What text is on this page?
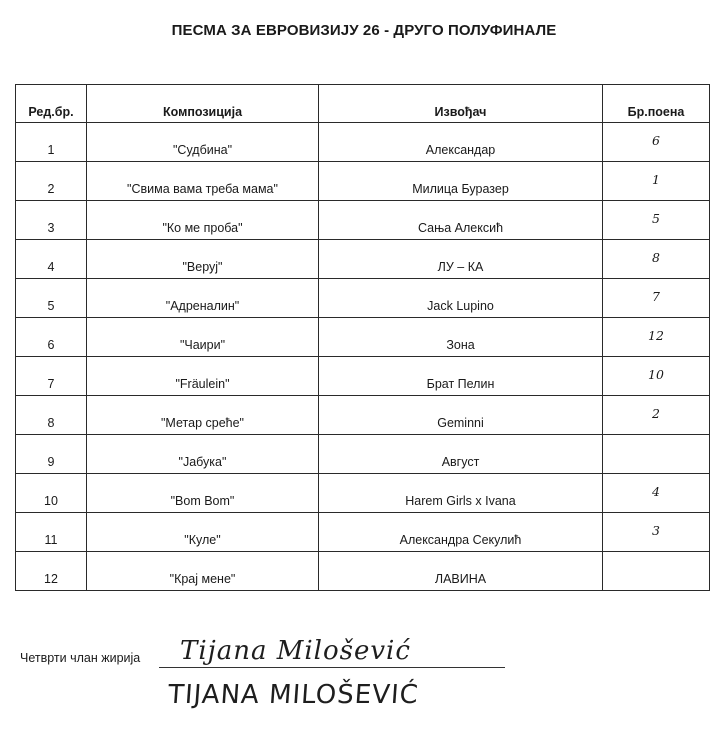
ПЕСМА ЗА ЕВРОВИЗИЈУ 26 - ДРУГО ПОЛУФИНАЛЕ
Ред.бр.	Композиција	Извођач	Бр.поена
1	"Судбина"	Александар	6
2	"Свима вама треба мама"	Милица Буразер	1
3	"Ко ме проба"	Сања Алексић	5
4	"Веруј"	ЛУ – КА	8
5	"Адреналин"	Jack Lupino	7
6	"Чаири"	Зона	12
7	"Fräulein"	Брат Пелин	10
8	"Метар среће"	Geminni	2
9	"Јабука"	Август	
10	"Bom Bom"	Harem Girls x Ivana	4
11	"Куле"	Александра Секулић	3
12	"Крај мене"	ЛАВИНА	
Четврти члан жирија Tijana Milošević
TIJANA MILOŠEVIĆ
